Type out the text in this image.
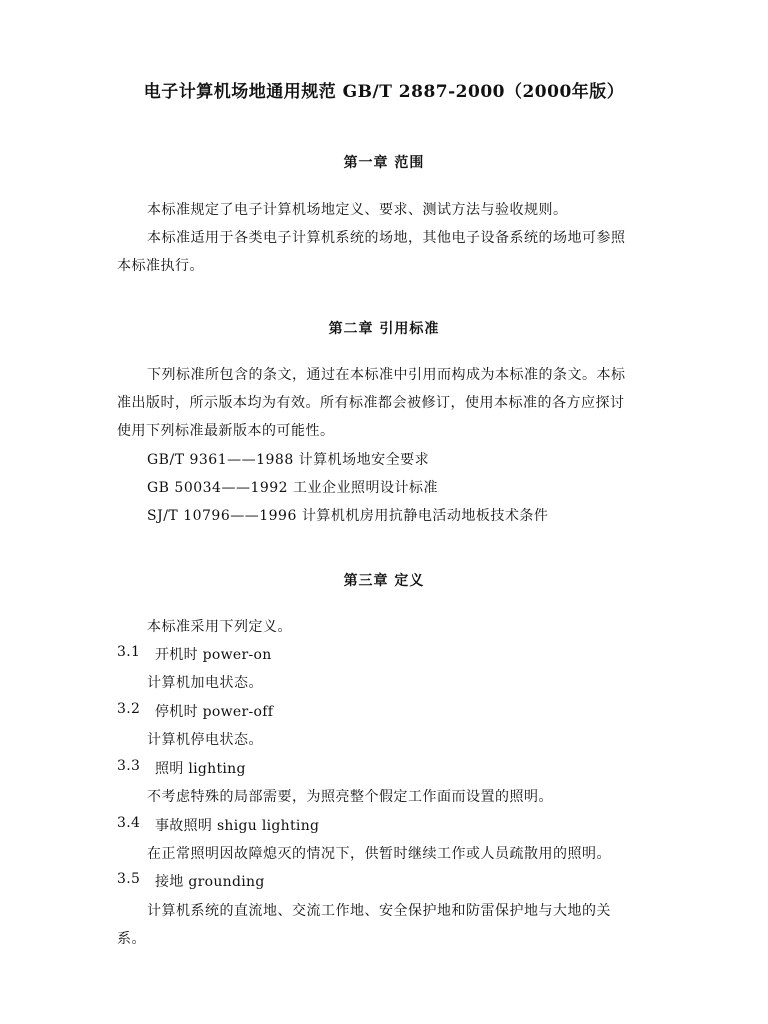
电子计算机场地通用规范 GB/T 2887-2000（2000年版）
第一章 范围
本标准规定了电子计算机场地定义、要求、测试方法与验收规则。
本标准适用于各类电子计算机系统的场地，其他电子设备系统的场地可参照
本标准执行。
第二章 引用标准
下列标准所包含的条文，通过在本标准中引用而构成为本标准的条文。本标
准出版时，所示版本均为有效。所有标准都会被修订，使用本标准的各方应探讨
使用下列标准最新版本的可能性。
GB/T 9361——1988 计算机场地安全要求
GB 50034——1992 工业企业照明设计标准
SJ/T 10796——1996 计算机机房用抗静电活动地板技术条件
第三章 定义
本标准采用下列定义。
3.1 开机时 power-on
计算机加电状态。
3.2 停机时 power-off
计算机停电状态。
3.3 照明 lighting
不考虑特殊的局部需要，为照亮整个假定工作面而设置的照明。
3.4 事故照明 shigu lighting
在正常照明因故障熄灭的情况下，供暂时继续工作或人员疏散用的照明。
3.5 接地 grounding
计算机系统的直流地、交流工作地、安全保护地和防雷保护地与大地的关
系。
